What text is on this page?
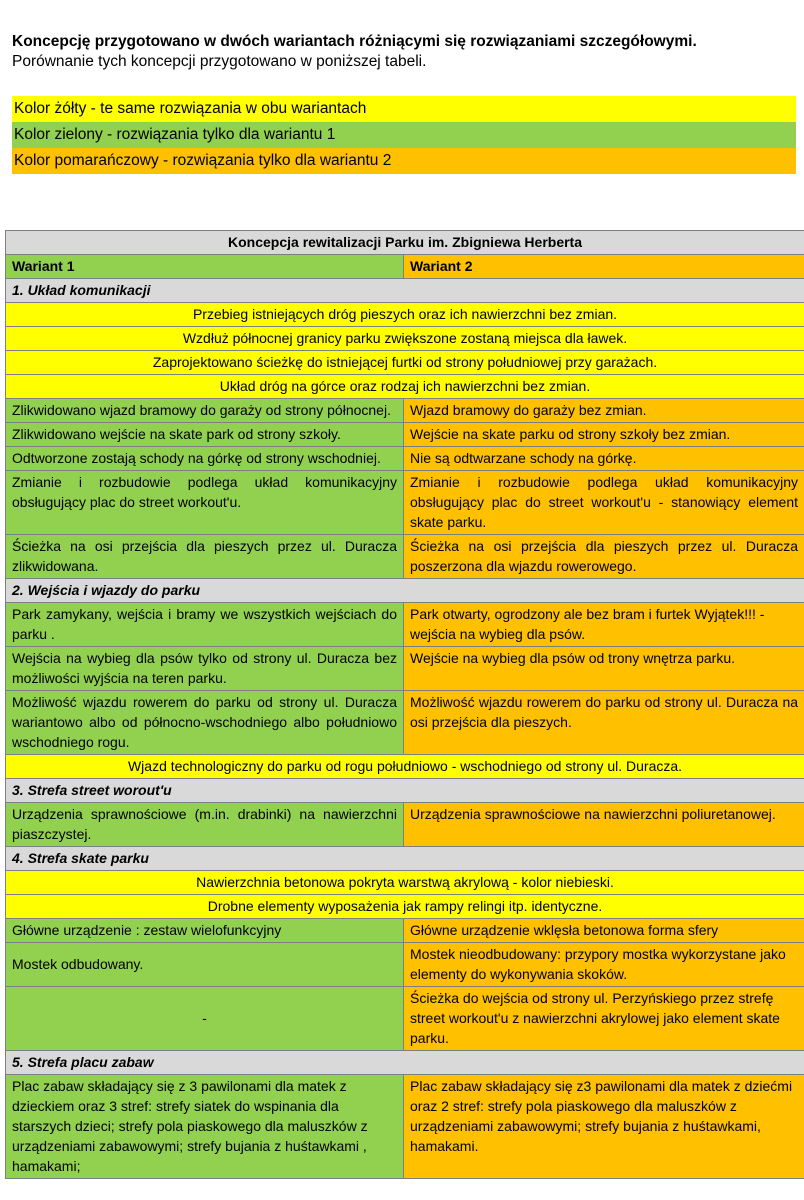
Koncepcję przygotowano w dwóch wariantach różniącymi się rozwiązaniami szczegółowymi.
Porównanie tych koncepcji przygotowano w poniższej tabeli.
Kolor żółty - te same rozwiązania w obu wariantach
Kolor zielony - rozwiązania tylko dla wariantu 1
Kolor pomarańczowy - rozwiązania tylko dla wariantu 2
Koncepcja rewitalizacji Parku im. Zbigniewa Herberta	
Wariant 1	Wariant 2
1. Układ komunikacji	
Przebieg istniejących dróg pieszych oraz ich nawierzchni bez zmian.	
Wzdłuż północnej granicy parku zwiększone zostaną miejsca dla ławek.	
Zaprojektowano ścieżkę do istniejącej furtki od strony południowej przy garażach.	
Układ dróg na górce oraz rodzaj ich nawierzchni bez zmian.	
Zlikwidowano wjazd bramowy do garaży od strony północnej.	Wjazd bramowy do garaży bez zmian.
Zlikwidowano wejście na skate park od strony szkoły.	Wejście na skate parku od strony szkoły bez zmian.
Odtworzone zostają schody na górkę od strony wschodniej.	Nie są odtwarzane schody na górkę.
Zmianie i rozbudowie podlega układ komunikacyjny obsługujący plac do street workout'u.	Zmianie i rozbudowie podlega układ komunikacyjny obsługujący plac do street workout'u - stanowiący element skate parku.
Ścieżka na osi przejścia dla pieszych przez ul. Duracza zlikwidowana.	Ścieżka na osi przejścia dla pieszych przez ul. Duracza poszerzona dla wjazdu rowerowego.
2. Wejścia i wjazdy do parku	
Park zamykany, wejścia i bramy we wszystkich wejściach do parku .	Park otwarty, ogrodzony ale bez bram i furtek Wyjątek!!! - wejścia na wybieg dla psów.
Wejścia na wybieg dla psów tylko od strony ul. Duracza bez możliwości wyjścia na teren parku.	Wejście na wybieg dla psów od trony wnętrza parku.
Możliwość wjazdu rowerem do parku od strony ul. Duracza wariantowo albo od północno-wschodniego albo południowo wschodniego rogu.	Możliwość wjazdu rowerem do parku od strony ul. Duracza na osi przejścia dla pieszych.
Wjazd technologiczny do parku od rogu południowo - wschodniego od strony ul. Duracza.	
3. Strefa street worout'u	
Urządzenia sprawnościowe (m.in. drabinki) na nawierzchni piaszczystej.	Urządzenia sprawnościowe na nawierzchni poliuretanowej.
4. Strefa skate parku	
Nawierzchnia betonowa pokryta warstwą akrylową - kolor niebieski.	
Drobne elementy wyposażenia jak rampy relingi itp. identyczne.	
Główne urządzenie : zestaw wielofunkcyjny	Główne urządzenie wklęsła betonowa forma sfery
Mostek odbudowany.	Mostek nieodbudowany: przypory mostka wykorzystane jako elementy do wykonywania skoków.
-	Ścieżka do wejścia od strony ul. Perzyńskiego przez strefę street workout'u z nawierzchni akrylowej jako element skate parku.
5. Strefa placu zabaw	
Plac zabaw składający się z 3 pawilonami dla matek z dzieckiem oraz 3 stref: strefy siatek do wspinania dla starszych dzieci; strefy pola piaskowego dla maluszków z urządzeniami zabawowymi; strefy bujania z huśtawkami , hamakami;	Plac zabaw składający się z3 pawilonami dla matek z dziećmi oraz 2 stref: strefy pola piaskowego dla maluszków z urządzeniami zabawowymi; strefy bujania z huśtawkami, hamakami.
